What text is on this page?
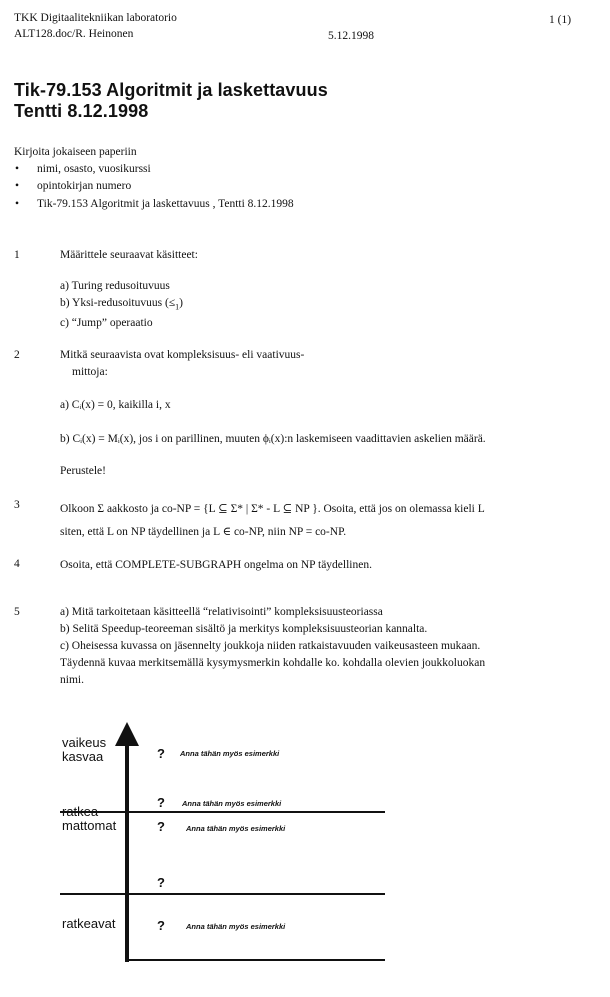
TKK Digitaalitekniikan laboratorio
ALT128.doc/R. Heinonen	5.12.1998
1 (1)
Tik-79.153 Algoritmit ja laskettavuus
Tentti 8.12.1998
Kirjoita jokaiseen paperiin
• nimi, osasto, vuosikurssi
• opintokirjan numero
• Tik-79.153 Algoritmit ja laskettavuus , Tentti 8.12.1998
1	Määrittele seuraavat käsitteet:
a) Turing redusoituvuus
b) Yksi-redusoituvuus $(\le_1)$
c) “Jump” operaatio
2	Mitkä seuraavista ovat kompleksisuus- eli vaativuus-
mittoja:
a) Cᵢ(x) = 0, kaikilla i, x
b) Cᵢ(x) = Mᵢ(x), jos i on parillinen, muuten ϕᵢ(x):n laskemiseen vaadittavien askelien määrä.
Perustele!
3	Olkoon Σ aakkosto ja co-NP = {L ⊆ Σ* | Σ* - L ⊆ NP }. Osoita, että jos on olemassa kieli L
siten, että L on NP täydellinen ja L ∈ co-NP, niin NP = co-NP.
4	Osoita, että COMPLETE-SUBGRAPH ongelma on NP täydellinen.
5	a) Mitä tarkoitetaan käsitteellä “relativisointi” kompleksisuusteoriassa
b) Selitä Speedup-teoreeman sisältö ja merkitys kompleksisuusteorian kannalta.
c) Oheisessa kuvassa on jäsennelty joukkoja niiden ratkaistavuuden vaikeusasteen mukaan.
Täydennä kuvaa merkitsemällä kysymysmerkin kohdalle ko. kohdalla olevien joukkoluokan
nimi.
vaikeus
kasvaa
ratkea-
mattomat
ratkeavat
? Anna tähän myös esimerkki
? Anna tähän myös esimerkki
?	Anna tähän myös esimerkki
?
?	Anna tähän myös esimerkki
